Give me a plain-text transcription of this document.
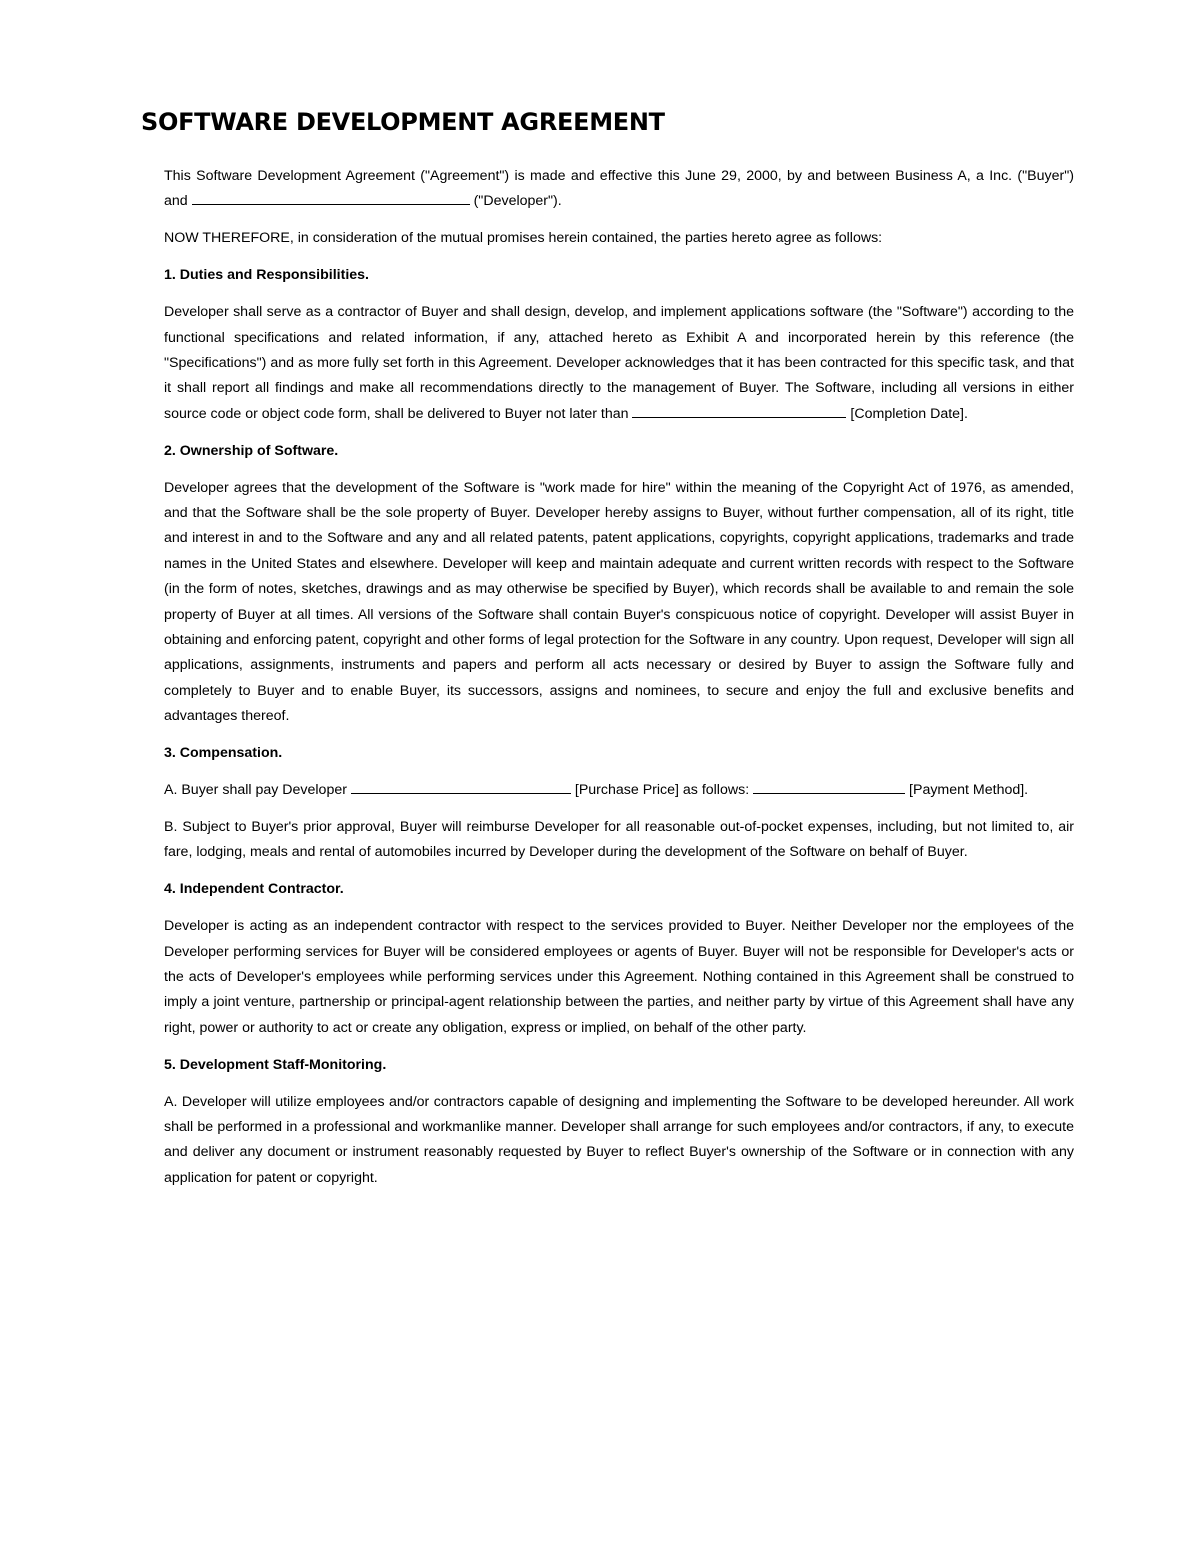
SOFTWARE DEVELOPMENT AGREEMENT

This Software Development Agreement ("Agreement") is made and effective this June 29, 2000, by and between Business A, a Inc. ("Buyer") and	("Developer").

NOW THEREFORE, in consideration of the mutual promises herein contained, the parties hereto agree as follows:

1. Duties and Responsibilities.

Developer shall serve as a contractor of Buyer and shall design, develop, and implement applications software (the "Software") according to the functional specifications and related information, if any, attached hereto as Exhibit A and incorporated herein by this reference (the "Specifications") and as more fully set forth in this Agreement. Developer acknowledges that it has been contracted for this specific task, and that it shall report all findings and make all recommendations directly to the management of Buyer. The Software, including all versions in either source code or object code form, shall be delivered to Buyer not later than	[Completion Date].

2. Ownership of Software.

Developer agrees that the development of the Software is "work made for hire" within the meaning of the Copyright Act of 1976, as amended, and that the Software shall be the sole property of Buyer. Developer hereby assigns to Buyer, without further compensation, all of its right, title and interest in and to the Software and any and all related patents, patent applications, copyrights, copyright applications, trademarks and trade names in the United States and elsewhere. Developer will keep and maintain adequate and current written records with respect to the Software (in the form of notes, sketches, drawings and as may otherwise be specified by Buyer), which records shall be available to and remain the sole property of Buyer at all times. All versions of the Software shall contain Buyer's conspicuous notice of copyright. Developer will assist Buyer in obtaining and enforcing patent, copyright and other forms of legal protection for the Software in any country. Upon request, Developer will sign all applications, assignments, instruments and papers and perform all acts necessary or desired by Buyer to assign the Software fully and completely to Buyer and to enable Buyer, its successors, assigns and nominees, to secure and enjoy the full and exclusive benefits and advantages thereof.

3. Compensation.

A. Buyer shall pay Developer	[Purchase Price] as follows:	[Payment Method].

B. Subject to Buyer's prior approval, Buyer will reimburse Developer for all reasonable out-of-pocket expenses, including, but not limited to, air fare, lodging, meals and rental of automobiles incurred by Developer during the development of the Software on behalf of Buyer.

4. Independent Contractor.

Developer is acting as an independent contractor with respect to the services provided to Buyer. Neither Developer nor the employees of the Developer performing services for Buyer will be considered employees or agents of Buyer. Buyer will not be responsible for Developer's acts or the acts of Developer's employees while performing services under this Agreement. Nothing contained in this Agreement shall be construed to imply a joint venture, partnership or principal-agent relationship between the parties, and neither party by virtue of this Agreement shall have any right, power or authority to act or create any obligation, express or implied, on behalf of the other party.

5. Development Staff-Monitoring.

A. Developer will utilize employees and/or contractors capable of designing and implementing the Software to be developed hereunder. All work shall be performed in a professional and workmanlike manner. Developer shall arrange for such employees and/or contractors, if any, to execute and deliver any document or instrument reasonably requested by Buyer to reflect Buyer's ownership of the Software or in connection with any application for patent or copyright.
